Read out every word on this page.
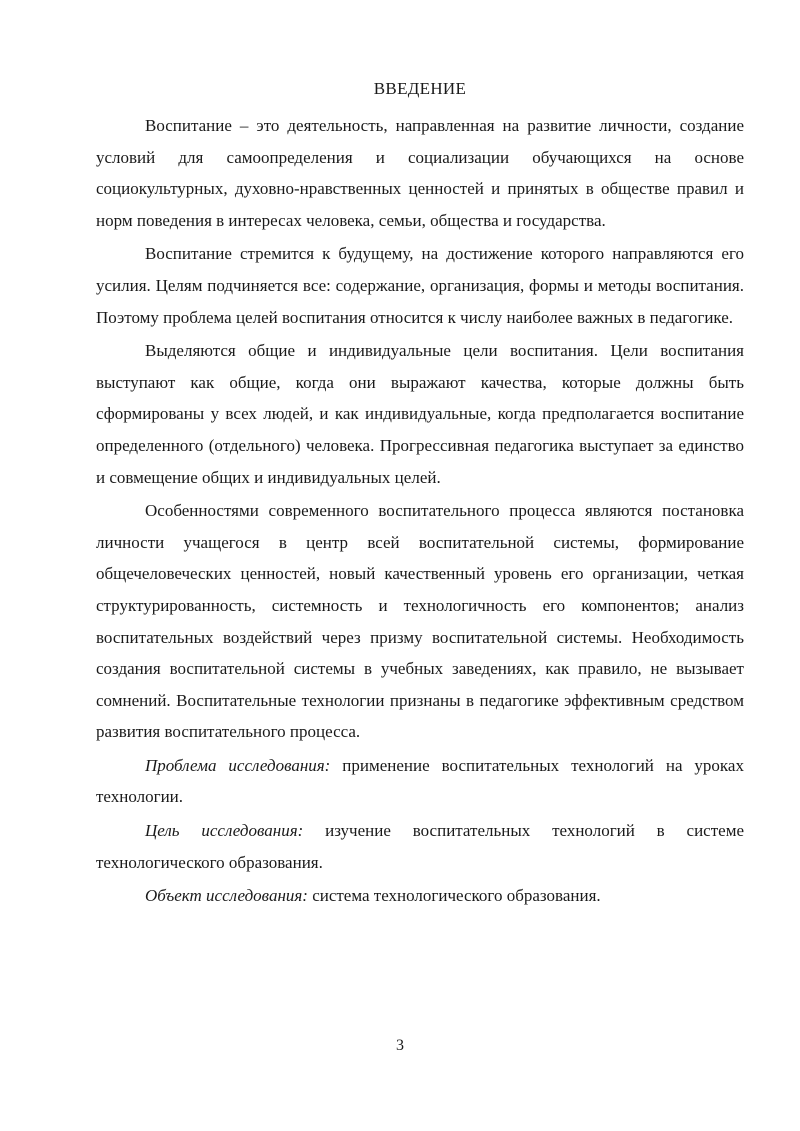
ВВЕДЕНИЕ

Воспитание – это деятельность, направленная на развитие личности, создание условий для самоопределения и социализации обучающихся на основе социокультурных, духовно-нравственных ценностей и принятых в обществе правил и норм поведения в интересах человека, семьи, общества и государства.

Воспитание стремится к будущему, на достижение которого направляются его усилия. Целям подчиняется все: содержание, организация, формы и методы воспитания. Поэтому проблема целей воспитания относится к числу наиболее важных в педагогике.

Выделяются общие и индивидуальные цели воспитания. Цели воспитания выступают как общие, когда они выражают качества, которые должны быть сформированы у всех людей, и как индивидуальные, когда предполагается воспитание определенного (отдельного) человека. Прогрессивная педагогика выступает за единство и совмещение общих и индивидуальных целей.

Особенностями современного воспитательного процесса являются постановка личности учащегося в центр всей воспитательной системы, формирование общечеловеческих ценностей, новый качественный уровень его организации, четкая структурированность, системность и технологичность его компонентов; анализ воспитательных воздействий через призму воспитательной системы. Необходимость создания воспитательной системы в учебных заведениях, как правило, не вызывает сомнений. Воспитательные технологии признаны в педагогике эффективным средством развития воспитательного процесса.

Проблема исследования: применение воспитательных технологий на уроках технологии.

Цель исследования: изучение воспитательных технологий в системе технологического образования.

Объект исследования: система технологического образования.

3
